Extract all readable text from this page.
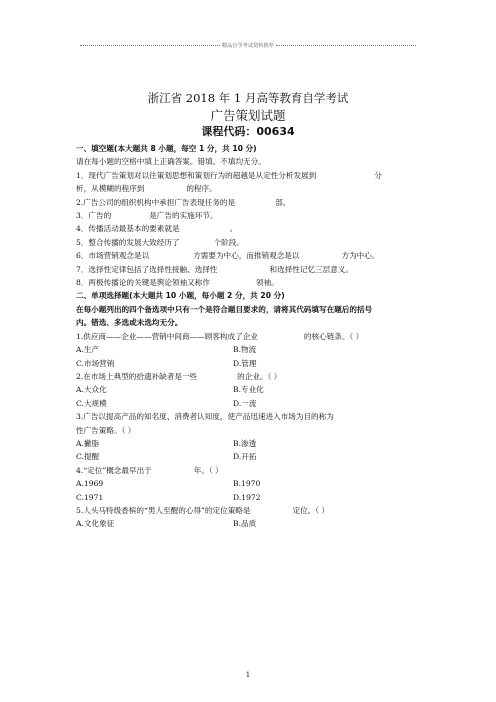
精品自学考试资料推荐
浙江省 2018 年 1 月高等教育自学考试
广告策划试题
课程代码：00634
一、填空题(本大题共 8 小题，每空 1 分，共 10 分)
请在每小题的空格中填上正确答案。错填、不填均无分。
1．现代广告策划对以往策划思想和策划行为的超越是从定性分析发展到	分
析，从模糊的程序到	的程序。
2.广告公司的组织机构中承担广告表现任务的是	部。
3．广告的	是广告的实施环节。
4．传播活动最基本的要素就是	。
5．整合传播的发展大致经历了	个阶段。
6．市场营销观念是以	方需要为中心，而推销观念是以	方为中心。
7．选择性定律包括了选择性接触、选择性	和选择性记忆三层意义。
8．两极传播论的关键是舆论领袖又称作	领袖。
二、单项选择题(本大题共 10 小题，每小题 2 分，共 20 分)
在每小题列出的四个备选项中只有一个是符合题目要求的，请将其代码填写在题后的括号
内。错选、多选或未选均无分。
1.供应商——企业——营销中间商——顾客构成了企业	的核心链条。（ ）
A.生产	B.物流
C.市场营销	D.管理
2.在市场上典型的拾遗补缺者是一些	的企业。（ ）
A.大众化	B.专业化
C.大规模	D.一流
3.广告以提高产品的知名度、消费者认知度，使产品迅速进入市场为目的称为
性广告策略。（ ）
A.撇脂	B.渗透
C.提醒	D.开拓
4.“定位”概念最早出于	年。（ ）
A.1969	B.1970
C.1971	D.1972
5.人头马特级香槟的“男人至醒的心得”的定位策略是	定位。（ ）
A.文化象征	B.品质
1
